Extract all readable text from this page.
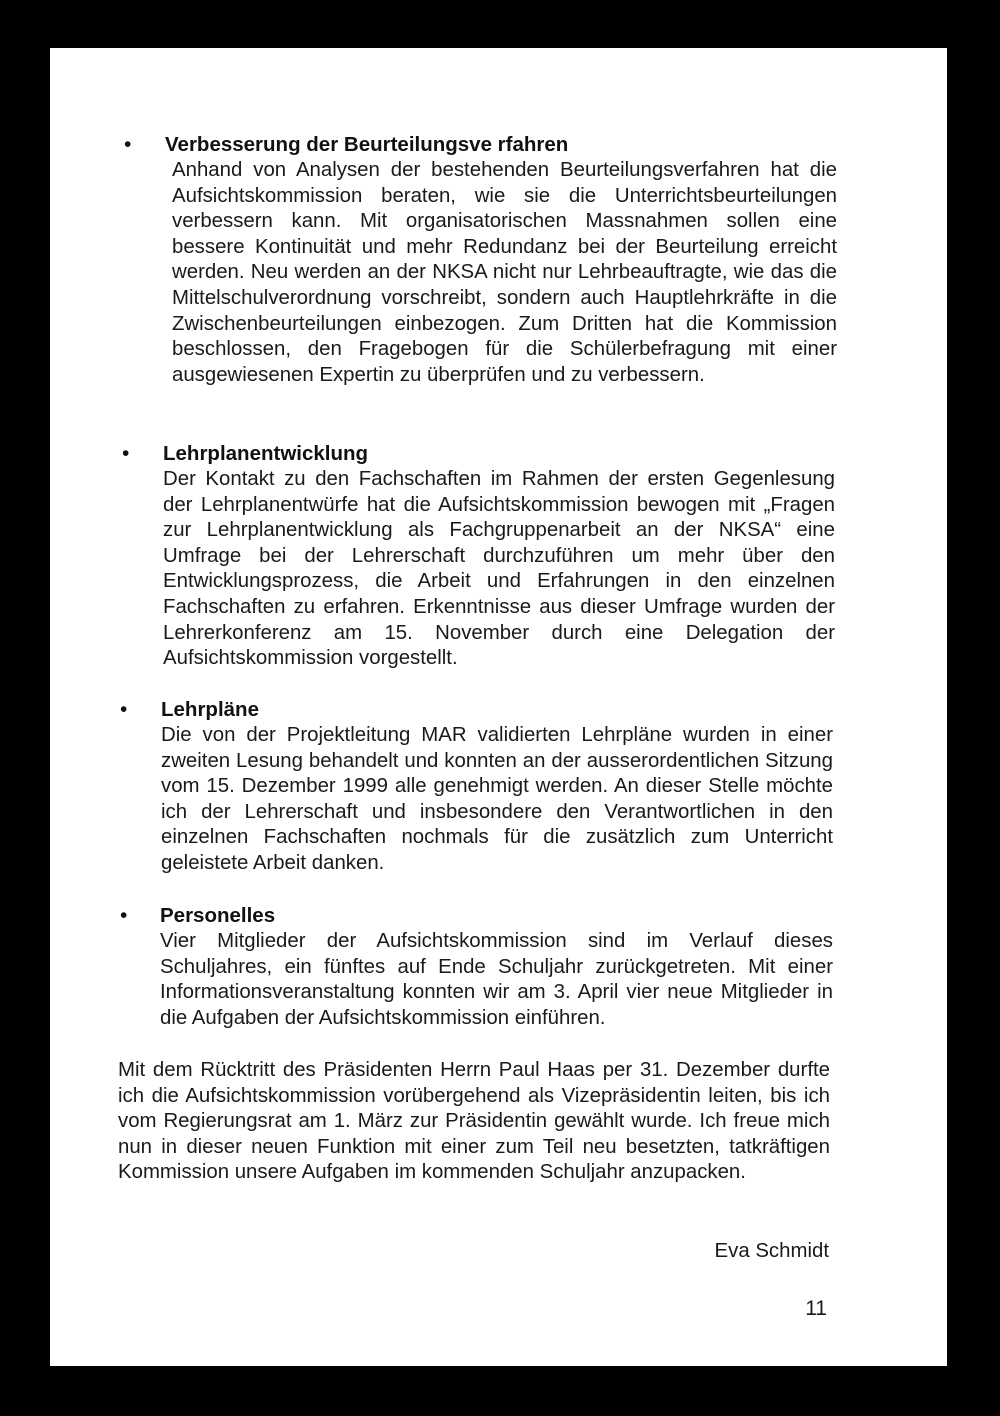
• Verbesserung der Beurteilungsve rfahren

Anhand von Analysen der bestehenden Beurteilungsverfahren hat die Aufsichtskommission beraten, wie sie die Unterrichtsbeurteilungen verbessern kann. Mit organisatorischen Massnahmen sollen eine bessere Kontinuität und mehr Redundanz bei der Beurteilung erreicht werden. Neu werden an der NKSA nicht nur Lehrbeauftragte, wie das die Mittelschulverordnung vorschreibt, sondern auch Hauptlehrkräfte in die Zwischenbeurteilungen einbezogen. Zum Dritten hat die Kommission beschlossen, den Fragebogen für die Schülerbefragung mit einer ausgewiesenen Expertin zu überprüfen und zu verbessern.

• Lehrplanentwicklung

Der Kontakt zu den Fachschaften im Rahmen der ersten Gegenlesung der Lehrplanentwürfe hat die Aufsichtskommission bewogen mit „Fragen zur Lehrplanentwicklung als Fachgruppenarbeit an der NKSA“ eine Umfrage bei der Lehrerschaft durchzuführen um mehr über den Entwicklungsprozess, die Arbeit und Erfahrungen in den einzelnen Fachschaften zu erfahren. Erkenntnisse aus dieser Umfrage wurden der Lehrerkonferenz am 15. November durch eine Delegation der Aufsichtskommission vorgestellt.

• Lehrpläne

Die von der Projektleitung MAR validierten Lehrpläne wurden in einer zweiten Lesung behandelt und konnten an der ausserordentlichen Sitzung vom 15. Dezember 1999 alle genehmigt werden. An dieser Stelle möchte ich der Lehrerschaft und insbesondere den Verantwortlichen in den einzelnen Fachschaften nochmals für die zusätzlich zum Unterricht geleistete Arbeit danken.

• Personelles

Vier Mitglieder der Aufsichtskommission sind im Verlauf dieses Schuljahres, ein fünftes auf Ende Schuljahr zurückgetreten. Mit einer Informationsveranstaltung konnten wir am 3. April vier neue Mitglieder in die Aufgaben der Aufsichtskommission einführen.

Mit dem Rücktritt des Präsidenten Herrn Paul Haas per 31. Dezember durfte ich die Aufsichtskommission vorübergehend als Vizepräsidentin leiten, bis ich vom Regierungsrat am 1. März zur Präsidentin gewählt wurde. Ich freue mich nun in dieser neuen Funktion mit einer zum Teil neu besetzten, tatkräftigen Kommission unsere Aufgaben im kommenden Schuljahr anzupacken.

Eva Schmidt
11
